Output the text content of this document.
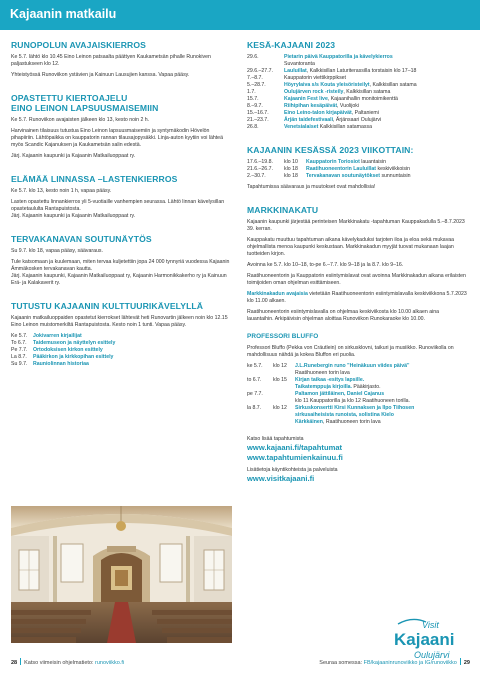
Kajaanin matkailu
RUNOPOLUN AVAJAISKIERROS

Ke 5.7. lähtö klo 10.45 Eino Leinon patsaalta päättyen Kaukametsän pihalle Runokiven paljastukseen klo 12.

Yhteistyössä Runoviikon ystävien ja Kainuun Lausujien kanssa. Vapaa pääsy.

OPASTETTU KIERTOAJELU
EINO LEINON LAPSUUSMAISEMIIN

Ke 5.7. Runoviikon avajaisten jälkeen klo 13, kesto noin 2 h.

Harvinainen tilaisuus tutustua Eino Leinon lapsuusmaisemiin ja syntymäkodin Hövelön pihapiiriin. Lähtöpaikka on kauppatorin rannan tilausajopysäkki. Linja-auton kyytiin voi lähteä myös Scandic Kajanuksen ja Kaukametsän salin edestä.

Järj. Kajaanin kaupunki ja Kajaanin Matkailuoppaat ry.

ELÄMÄÄ LINNASSA –LASTENKIERROS

Ke 5.7. klo 13, kesto noin 1 h, vapaa pääsy.

Lasten opastettu linnankierros yli 5-vuotiaille vanhempien seurassa. Lähtö linnan kävelysillan opastetaululta Rantapuistosta.

Järj. Kajaanin kaupunki ja Kajaanin Matkailuoppaat ry.

TERVAKANAVAN SOUTUNÄYTÖS

Su 9.7. klo 18, vapaa pääsy, säävaraus.

Tule katsomaan ja kuulemaan, miten tervaa kuljetettiin jopa 24 000 tynnyriä vuodessa Kajaanin Ämmäkosken tervakanavan kautta.

Järj. Kajaanin kaupunki, Kajaanin Matkailuoppaat ry, Kajaanin Harmonikkakerho ry ja Kainuun Erä- ja Kalakaverit ry.

TUTUSTU KAJAANIN KULTTUURIKÄVELYLLÄ

Kajaanin matkailuoppaiden opastetut kierrokset lähtevät heti Runovartin jälkeen noin klo 12.15 Eino Leinon muistomerkiltä Rantapuistosta. Kesto noin 1 tunti. Vapaa pääsy.

Ke 5.7.	Jokivarren kirjailijat
To 6.7.	Taidemuseon ja näyttelyn esittely
Pe 7.7.	Ortodoksisen kirkon esittely
La 8.7.	Pääkirkon ja kirkkopihan esittely
Su 9.7.	Rauniolinnan historiaa
KESÄ-KAJAANI 2023
29.6.	Pietarin päivä Kauppatorilla ja kävelykierros
	Suvantoranta
29.6.–27.7.	Lauluillat, Kalkkisillan Laturiterassilla torstaisin klo 17–18
7.–8.7.	Kauppatorin viettikirppikset
5.–28.7.	Höyrylaiva s/s Kouta yleisöristeilyt, Kalkkisillan satama
1.7.	Oulujärven rock -risteily, Kalkkisillan satama
15.7.	Kajaanin Fest live, Kajaanihallin monitoimikenttä
8.–9.7.	Riihipihan kesäpäivät, Vuolijoki
15.–16.7.	Eino Leino-talon kirjapäivät, Paltaniemi
21.–23.7.	Ärjän taidefestivaali, Ärjänsaari Oulujärvi
26.8.	Venetsialaiset Kalkkisillan satamassa
KAJAANIN KESÄSSÄ 2023 VIIKOTTAIN:
17.6.–19.8.	klo 10	Kauppatorin Toriosiot lauantaisin
21.6.–26.7.	klo 18	Raatihuoneentorin Lauluillat keskiviikkoisin
2.–30.7.	klo 18	Tervakanavan soutunäytökset sunnuntaisin

Tapahtumissa säävaraus ja muutokset ovat mahdollisia!

MARKKINAKATU

Kajaanin kaupunki järjestää perinteisen Markkinakatu -tapahtuman Kauppakadulla 5.–8.7.2023 39. kerran.

Kauppakatu muuttuu tapahtuman aikana kävelykaduksi tarjoten iloa ja eloa sekä mukavaa ohjelmallista menoa kaupunki keskustaan. Markkinakadun myyjät tuovat mukanaan laajan tuotteiden kirjon.

Avoinna ke 5.7. klo 10–18, to-pe 6.–7.7. klo 9–18 ja la 8.7. klo 9–16.

Raatihuoneentorin ja Kauppatorin esiintymislavat ovat avoinna Markkinakadun aikana erilaisten toimijoiden oman ohjelman esittämiseen.

Markkinakadun avajaisia vietetään Raatihuoneentorin esiintymislavalla keskiviikkona 5.7.2023 klo 11.00 alkaen.

Raatihuoneentorin esiintymislavalla on ohjelmaa keskiviikosta klo 10.00 alkaen aina lauantaihin. Arkipäivisin ohjelman aloittaa Runoviikon Runokaraoke klo 10.00.

PROFESSORI BLUFFO

Professori Bluffo (Pekka von Cräutlein) on sirkusklovni, taikuri ja musiikko. Runoviikolla on mahdollisuus nähdä ja kokea Bluffon eri puolia.

ke 5.7.	klo 12	J.L.Runebergin runo "Heinäkuun viides päivä"
		Raatihuoneen torin lava
to 6.7.	klo 15	Kirjan taikaa -esitys lapsille.
		Taikatemppuja kirjoilla. Pääkirjasto.
pe 7.7.		Paltamon jättiläinen, Daniel Cajanus
		klo 11 Kauppatorilla ja klo 12 Raatihuoneen torilla.
la 8.7.	klo 12	Sirkuskonsertti Kirsi Kunnaksen ja Ilpo Tiihosen
		sirkusaiheisista runoista, solistina Kielo
		Kärkkäinen, Raatihuoneen torin lava

Katso lisää tapahtumista

www.kajaani.fi/tapahtumat
www.tapahtumienkainuu.fi

Lisätietoja käyntikohteista ja palveluista

www.visitkajaani.fi
Visit
Kajaani
Oulujärvi
28 Katso viimeisin ohjelmatieto: runoviikko.fi	Seuraa somessa: FB/kajaaninrunoviikko ja IG/runoviikko 29
